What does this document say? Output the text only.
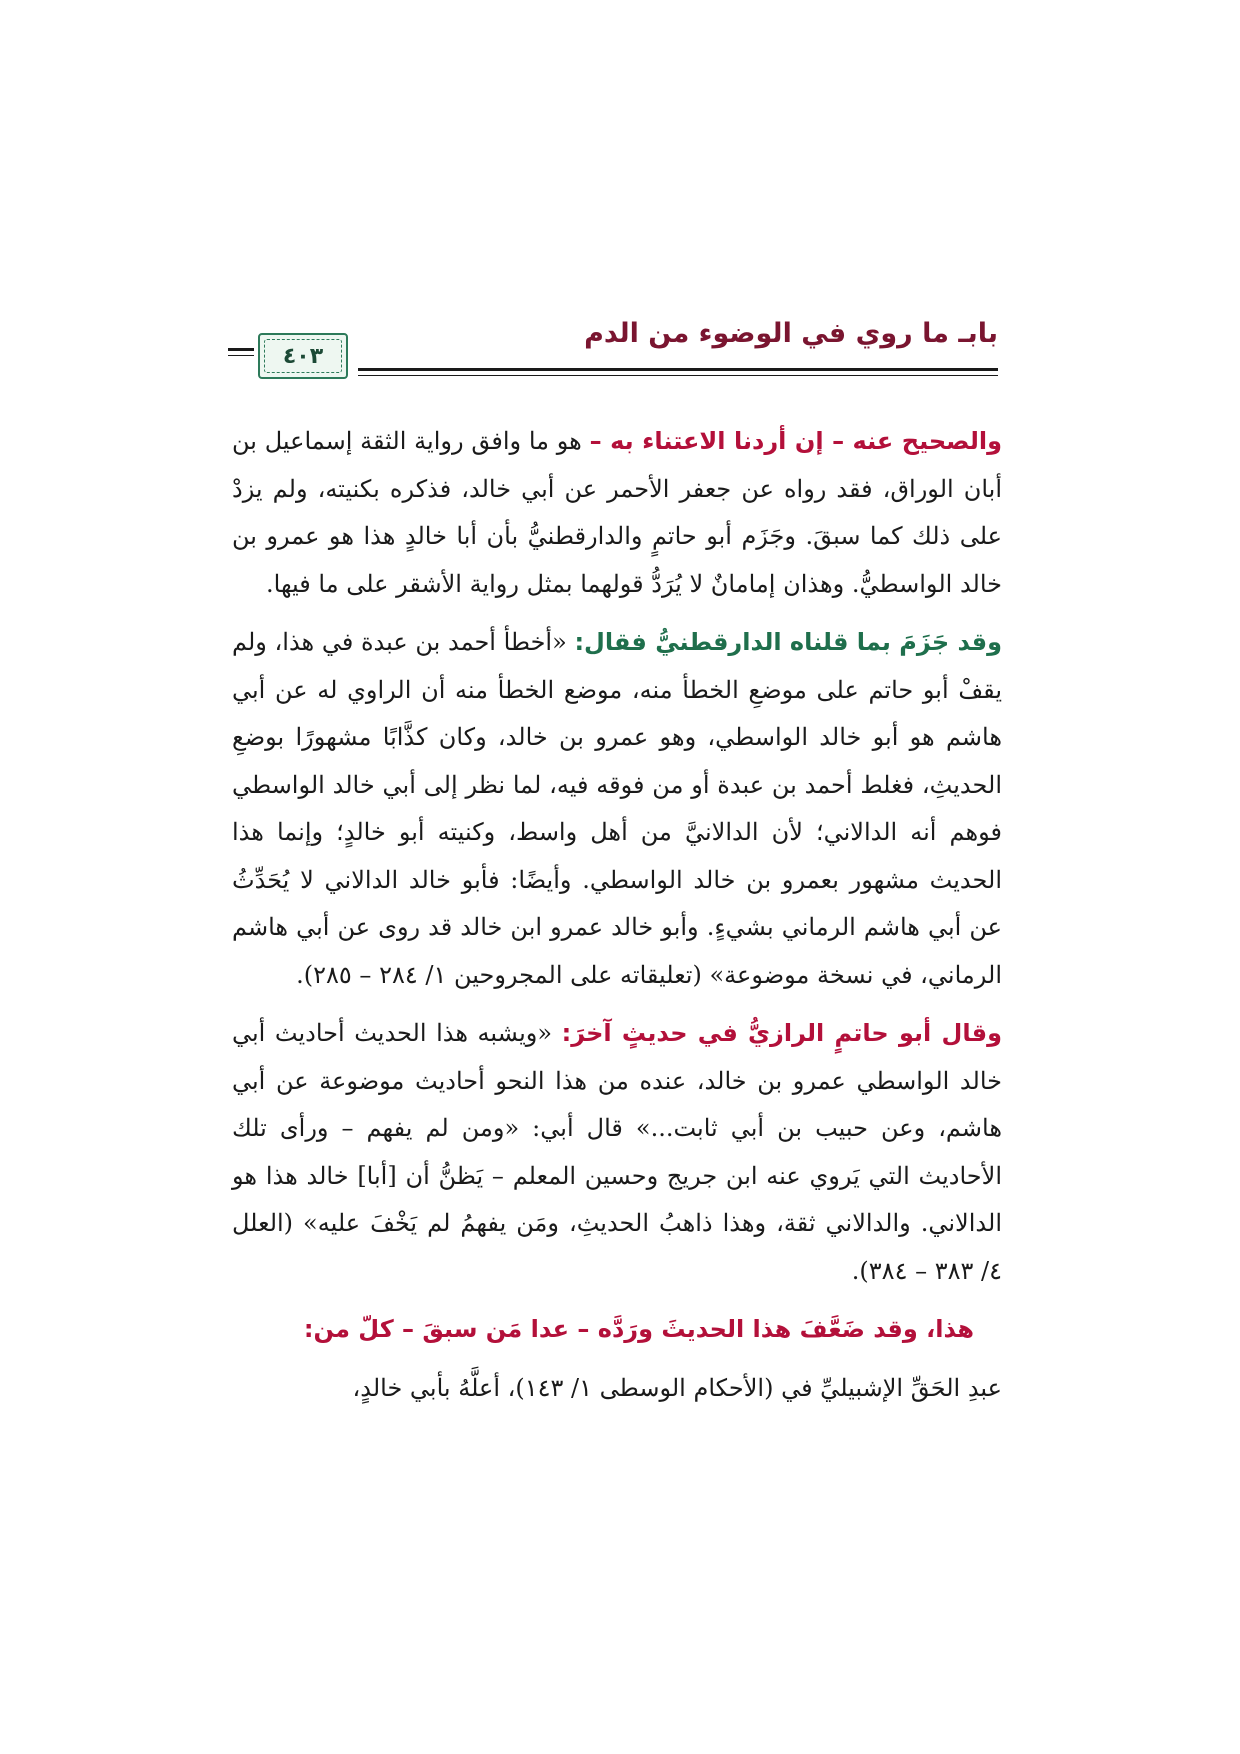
بابـ ما روي في الوضوء من الدم
٤٠٣

والصحيح عنه – إن أردنا الاعتناء به – هو ما وافق رواية الثقة إسماعيل بن أبان الوراق، فقد رواه عن جعفر الأحمر عن أبي خالد، فذكره بكنيته، ولم يزدْ على ذلك كما سبقَ. وجَزَم أبو حاتمٍ والدارقطنيُّ بأن أبا خالدٍ هذا هو عمرو بن خالد الواسطيُّ. وهذان إمامانٌ لا يُرَدُّ قولهما بمثل رواية الأشقر على ما فيها.

وقد جَزَمَ بما قلناه الدارقطنيُّ فقال: «أخطأ أحمد بن عبدة في هذا، ولم يقفْ أبو حاتم على موضعِ الخطأ منه، موضع الخطأ منه أن الراوي له عن أبي هاشم هو أبو خالد الواسطي، وهو عمرو بن خالد، وكان كذَّابًا مشهورًا بوضعِ الحديثِ، فغلط أحمد بن عبدة أو من فوقه فيه، لما نظر إلى أبي خالد الواسطي فوهم أنه الدالاني؛ لأن الدالانيَّ من أهل واسط، وكنيته أبو خالدٍ؛ وإنما هذا الحديث مشهور بعمرو بن خالد الواسطي. وأيضًا: فأبو خالد الدالاني لا يُحَدِّثُ عن أبي هاشم الرماني بشيءٍ. وأبو خالد عمرو ابن خالد قد روى عن أبي هاشم الرماني، في نسخة موضوعة» (تعليقاته على المجروحين ١/ ٢٨٤ – ٢٨٥).

وقال أبو حاتمٍ الرازيُّ في حديثٍ آخرَ: «ويشبه هذا الحديث أحاديث أبي خالد الواسطي عمرو بن خالد، عنده من هذا النحو أحاديث موضوعة عن أبي هاشم، وعن حبيب بن أبي ثابت...» قال أبي: «ومن لم يفهم – ورأى تلك الأحاديث التي يَروي عنه ابن جريج وحسين المعلم – يَظنُّ أن [أبا] خالد هذا هو الدالاني. والدالاني ثقة، وهذا ذاهبُ الحديثِ، ومَن يفهمُ لم يَخْفَ عليه» (العلل ٤/ ٣٨٣ – ٣٨٤).

هذا، وقد ضَعَّفَ هذا الحديثَ ورَدَّه – عدا مَن سبقَ – كلّ من:

عبدِ الحَقِّ الإشبيليِّ في (الأحكام الوسطى ١/ ١٤٣)، أعلَّهُ بأبي خالدٍ،
